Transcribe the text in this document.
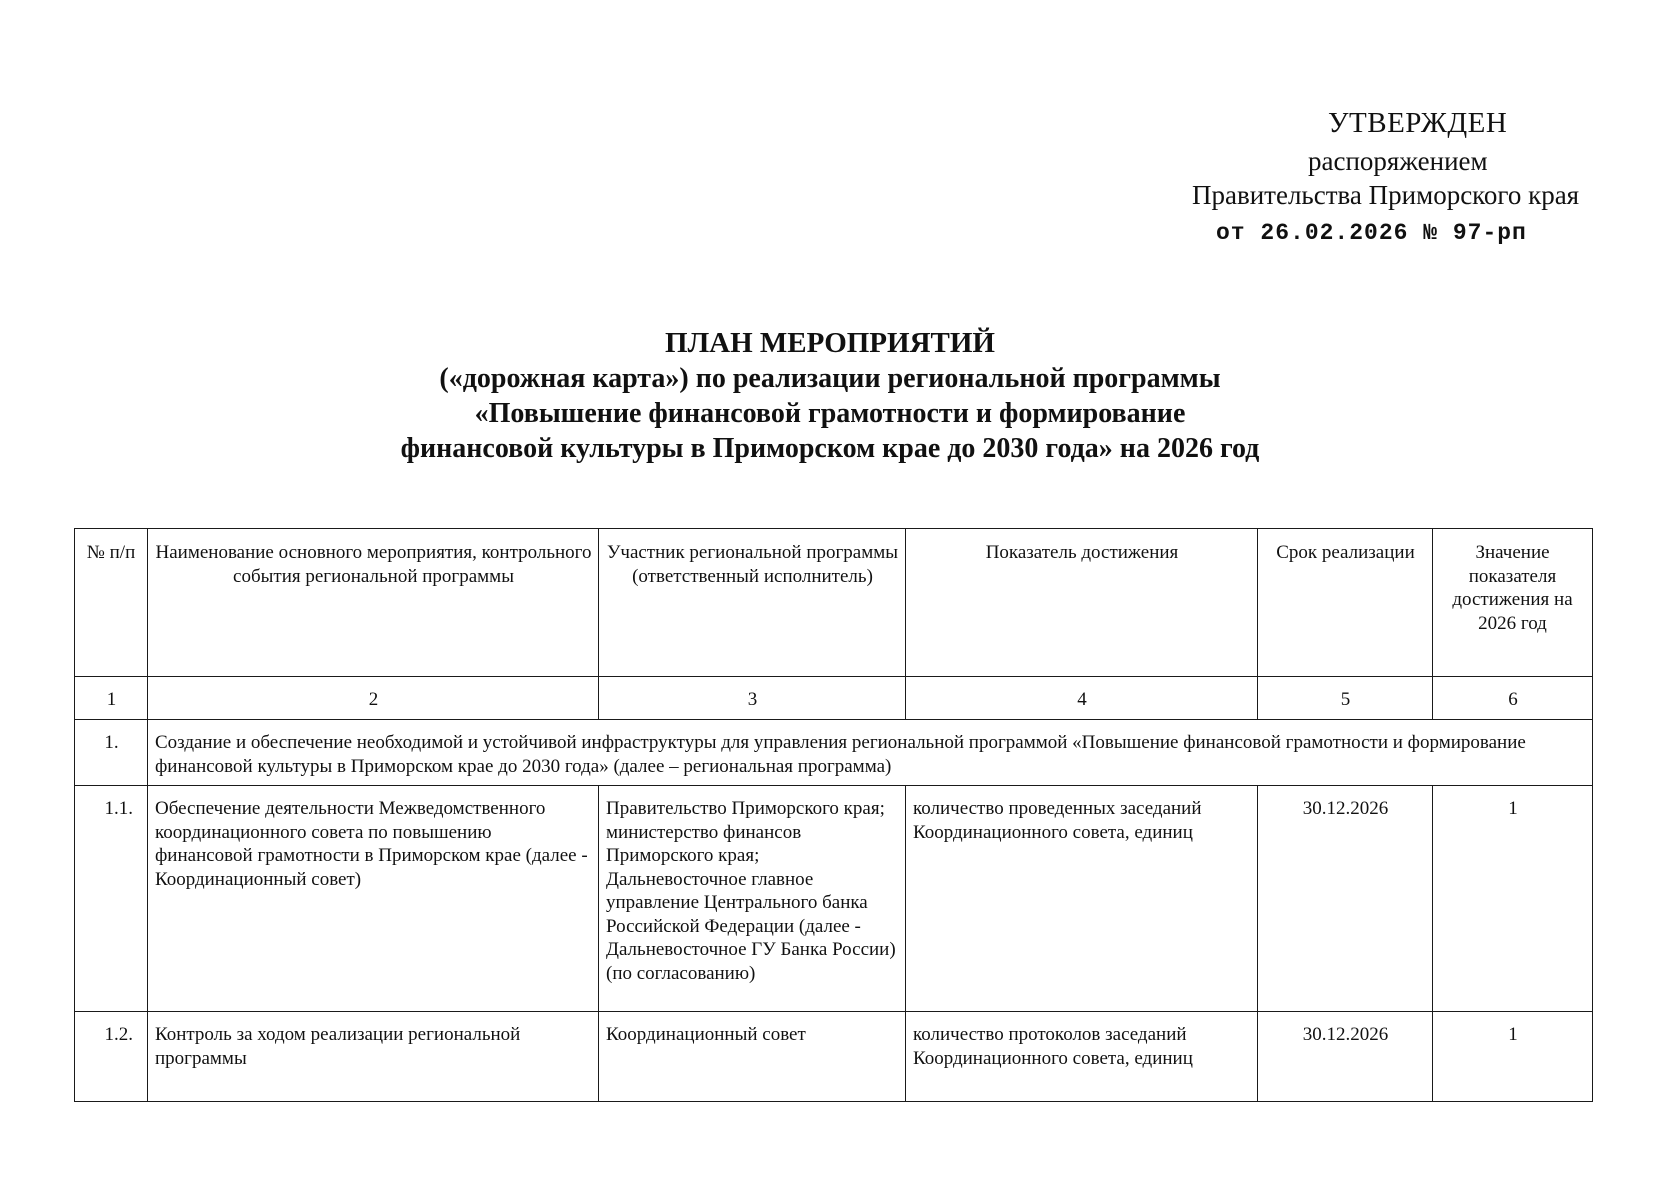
УТВЕРЖДЕН
распоряжением
Правительства Приморского края
от 26.02.2026 № 97-рп
ПЛАН МЕРОПРИЯТИЙ
(«дорожная карта») по реализации региональной программы
«Повышение финансовой грамотности и формирование
финансовой культуры в Приморском крае до 2030 года» на 2026 год
№ п/п	Наименование основного мероприятия, контрольного события региональной программы	Участник региональной программы (ответственный исполнитель)	Показатель достижения	Срок реализации	Значение показателя достижения на 2026 год
1	2	3	4	5	6
1.	Создание и обеспечение необходимой и устойчивой инфраструктуры для управления региональной программой «Повышение финансовой грамотности и формирование финансовой культуры в Приморском крае до 2030 года» (далее – региональная программа)				
1.1.	Обеспечение деятельности Межведомственного координационного совета по повышению финансовой грамотности в Приморском крае (далее - Координационный совет)	Правительство Приморского края; министерство финансов Приморского края; Дальневосточное главное управление Центрального банка Российской Федерации (далее - Дальневосточное ГУ Банка России) (по согласованию)	количество проведенных заседаний Координационного совета, единиц	30.12.2026	1
1.2.	Контроль за ходом реализации региональной программы	Координационный совет	количество протоколов заседаний Координационного совета, единиц	30.12.2026	1
